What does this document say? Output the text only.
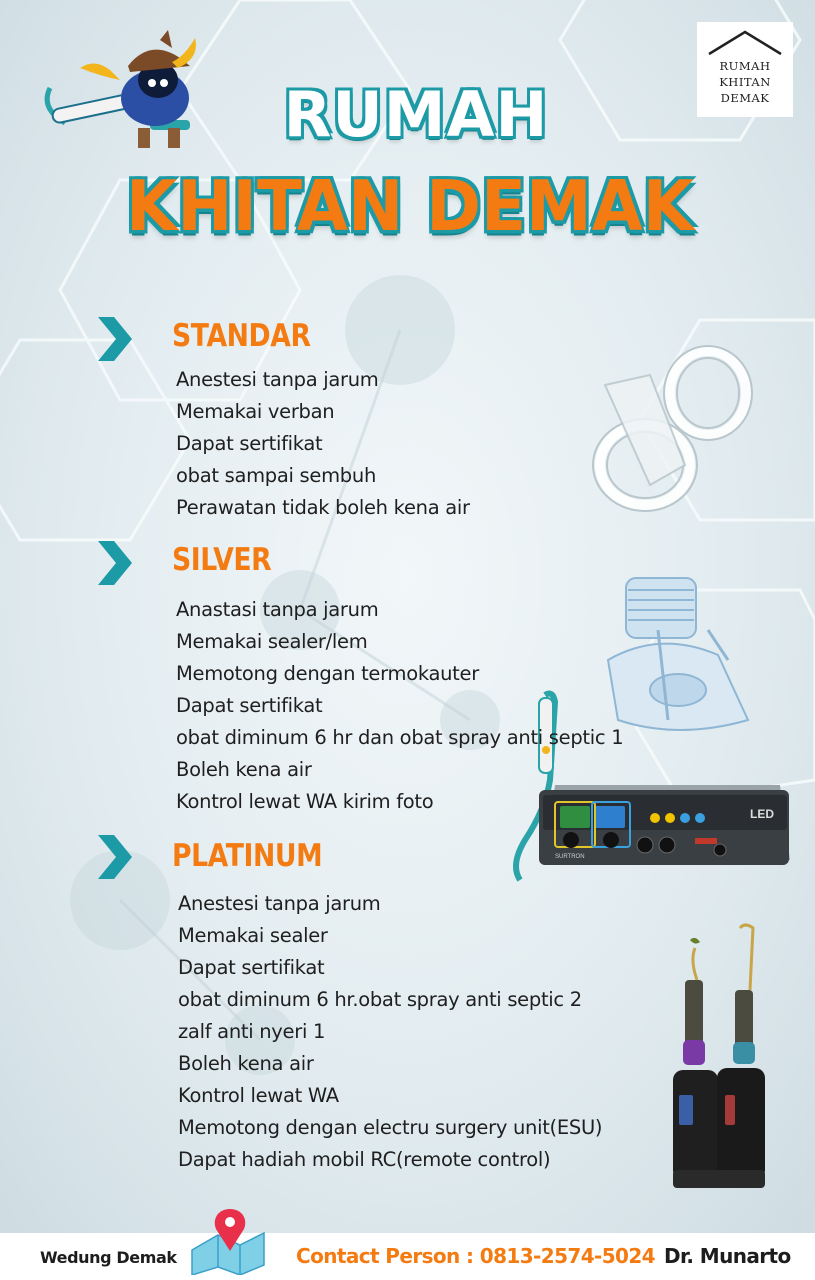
RUMAH
KHITAN
DEMAK
RUMAH
KHITAN DEMAK
LED
SURTRON
STANDAR
Anestesi tanpa jarum
Memakai verban
Dapat sertifikat
obat sampai sembuh
Perawatan tidak boleh kena air
SILVER
Anastasi tanpa jarum
Memakai sealer/lem
Memotong dengan termokauter
Dapat sertifikat
obat diminum 6 hr dan obat spray anti septic 1
Boleh kena air
Kontrol lewat WA kirim foto
PLATINUM
Anestesi tanpa jarum
Memakai sealer
Dapat sertifikat
obat diminum 6 hr.obat spray anti septic 2
zalf anti nyeri 1
Boleh kena air
Kontrol lewat WA
Memotong dengan electru surgery unit(ESU)
Dapat hadiah mobil RC(remote control)
Wedung Demak	Contact Person : 0813-2574-5024 Dr. Munarto
